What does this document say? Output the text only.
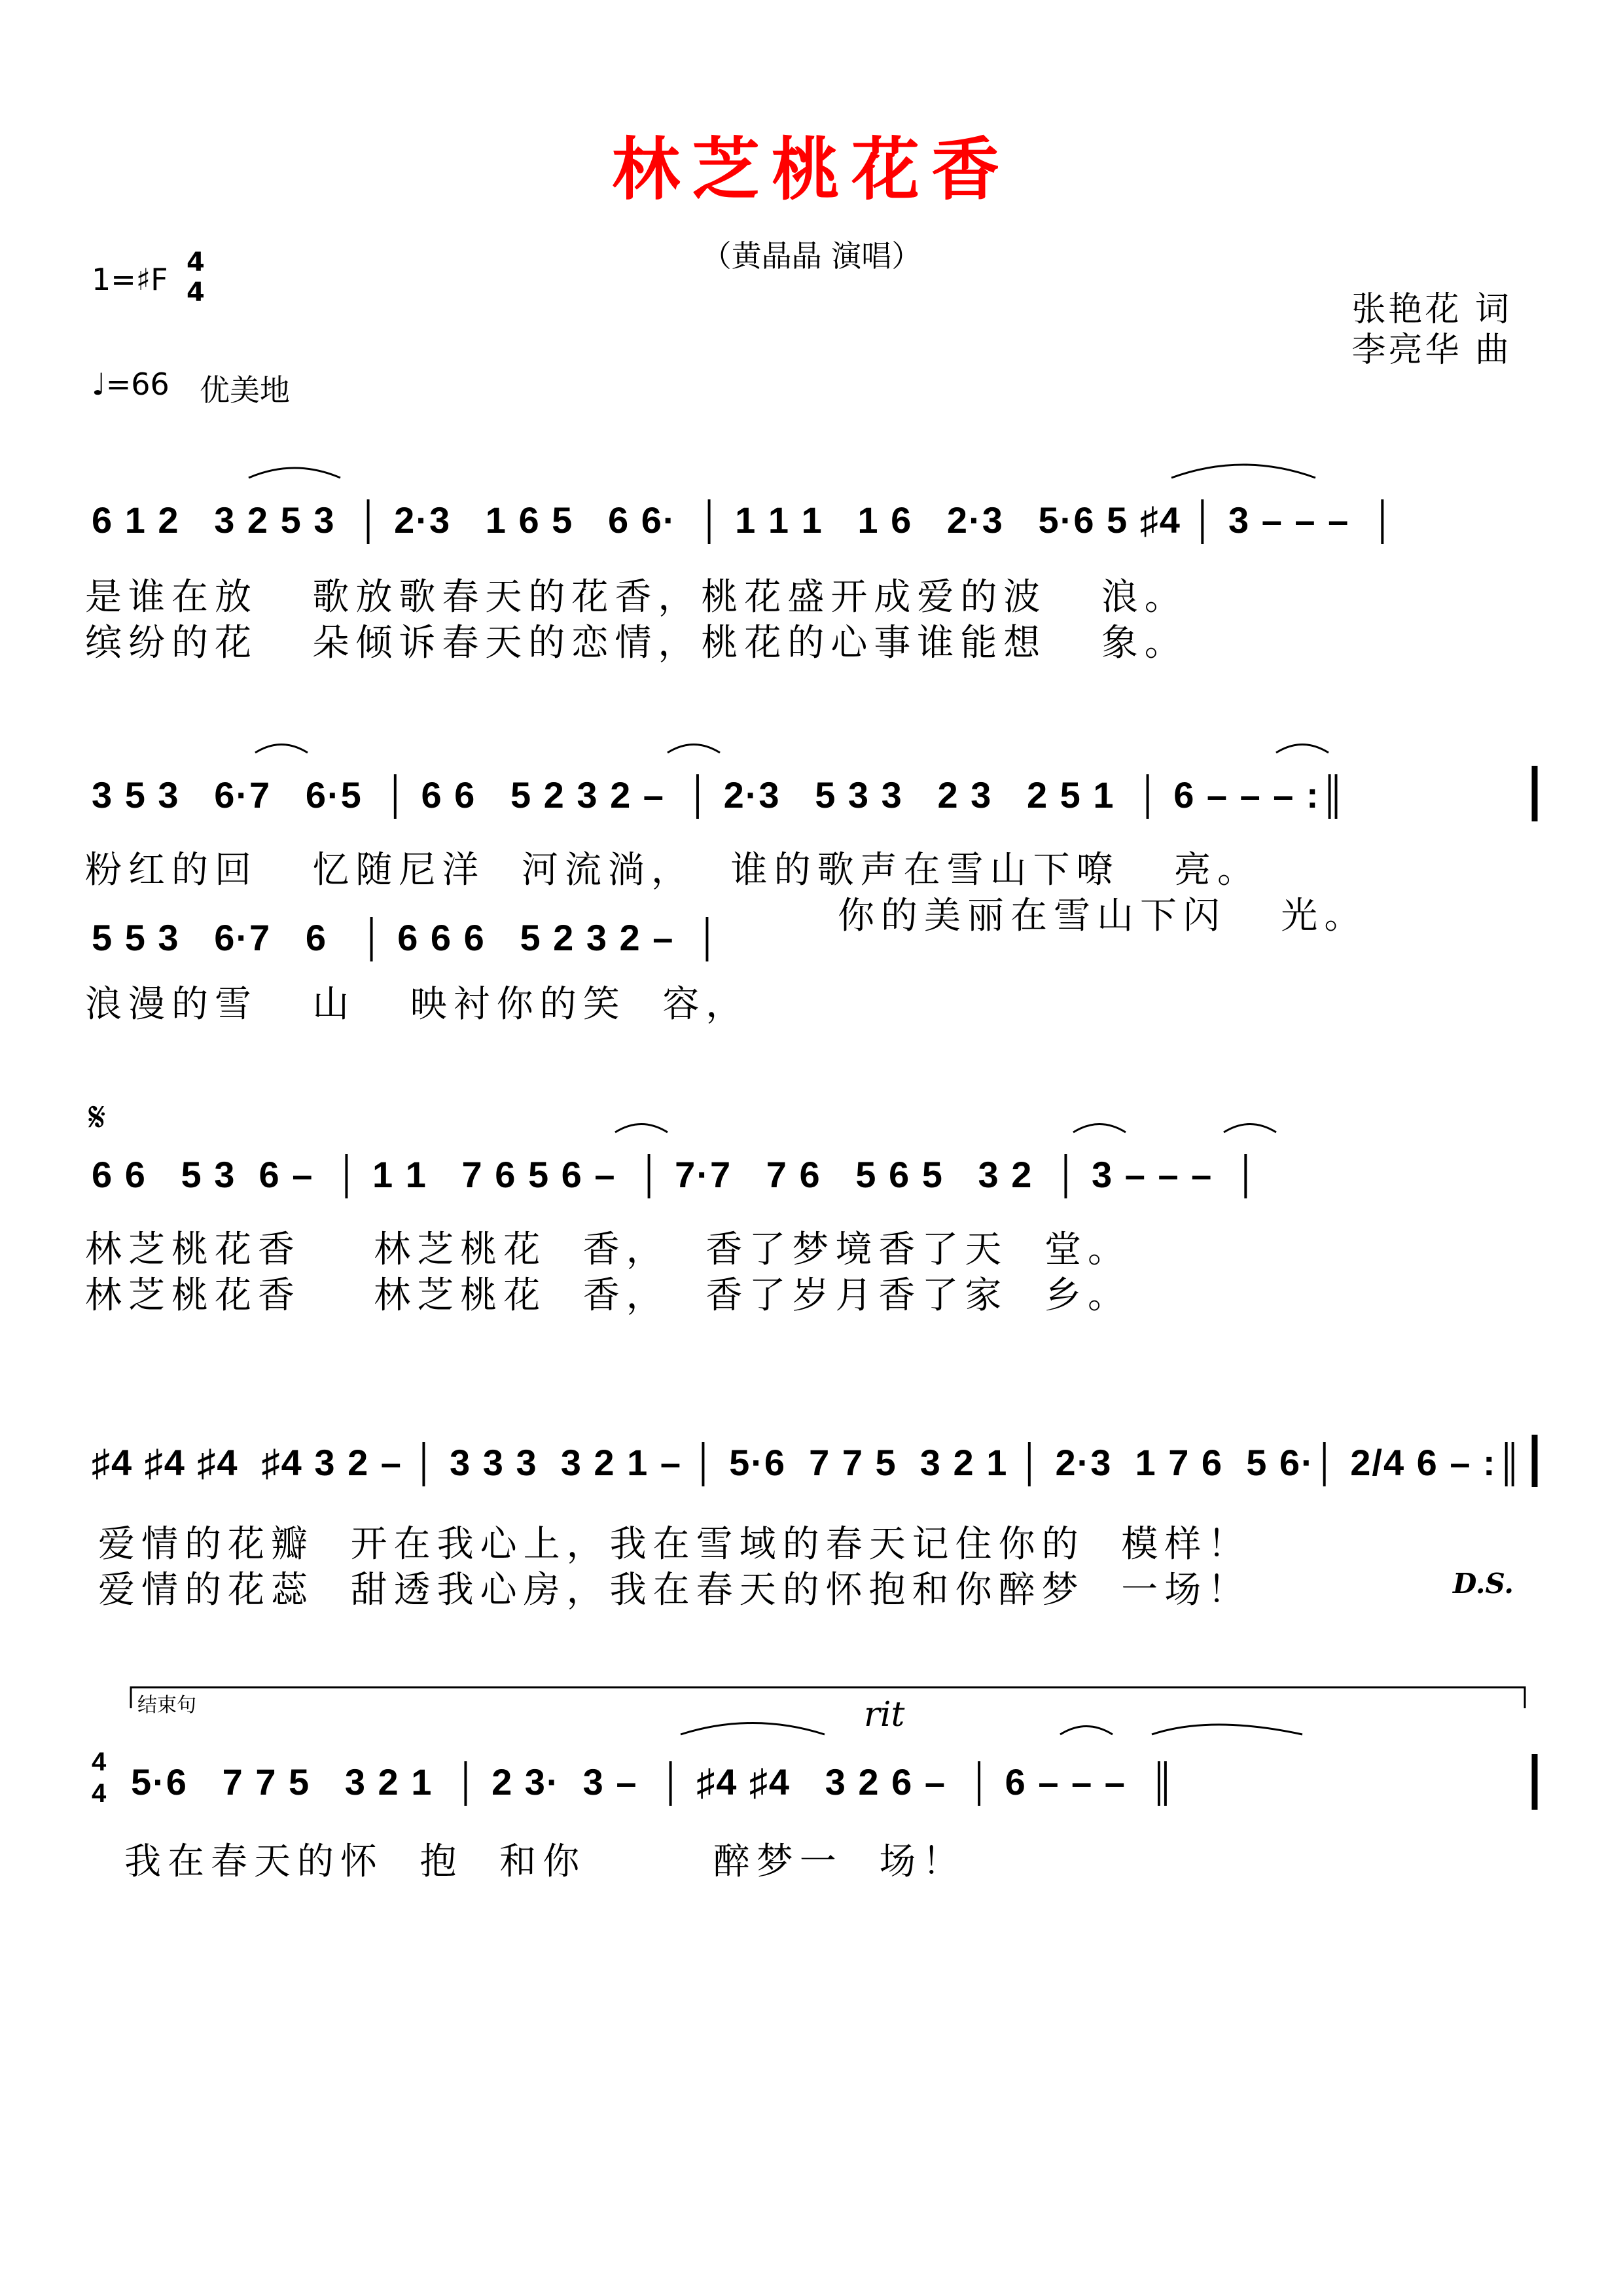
林芝桃花香
（黄晶晶 演唱）
1=♯F 4
4
♩=66 优美地
张艳花 词
李亮华 曲
6 1 2   3 2 5 3  │ 2·3   1 6 5   6 6·  │ 1 1 1   1 6   2·3   5·6 5 ♯4 │ 3 – – –  │
是谁在放   歌放歌春天的花香，桃花盛开成爱的波   浪。
缤纷的花   朵倾诉春天的恋情，桃花的心事谁能想   象。
3 5 3   6·7   6·5  │ 6 6   5 2 3 2 –  │ 2·3   5 3 3   2 3   2 5 1  │ 6 – – – :║
粉红的回   忆随尼洋  河流淌，  谁的歌声在雪山下嘹   亮。
你的美丽在雪山下闪   光。
5 5 3   6·7   6   │ 6 6 6   5 2 3 2 –  │
浪漫的雪   山   映衬你的笑  容，
𝄋
6 6   5 3  6 –  │ 1 1   7 6 5 6 –  │ 7·7   7 6   5 6 5   3 2  │ 3 – – –  │
林芝桃花香    林芝桃花  香，  香了梦境香了天  堂。
林芝桃花香    林芝桃花  香，  香了岁月香了家  乡。
♯4 ♯4 ♯4  ♯4 3 2 – │ 3 3 3  3 2 1 – │ 5·6  7 7 5  3 2 1 │ 2·3  1 7 6  5 6·│ 2/4 6 – :║
爱情的花瓣  开在我心上，我在雪域的春天记住你的  模样！
爱情的花蕊  甜透我心房，我在春天的怀抱和你醉梦  一场！	D.S.
结束句	rit
4
4 5·6   7 7 5   3 2 1  │ 2 3·  3 –  │ ♯4 ♯4   3 2 6 –  │ 6 – – –  ║
我在春天的怀  抱  和你       醉梦一  场！
